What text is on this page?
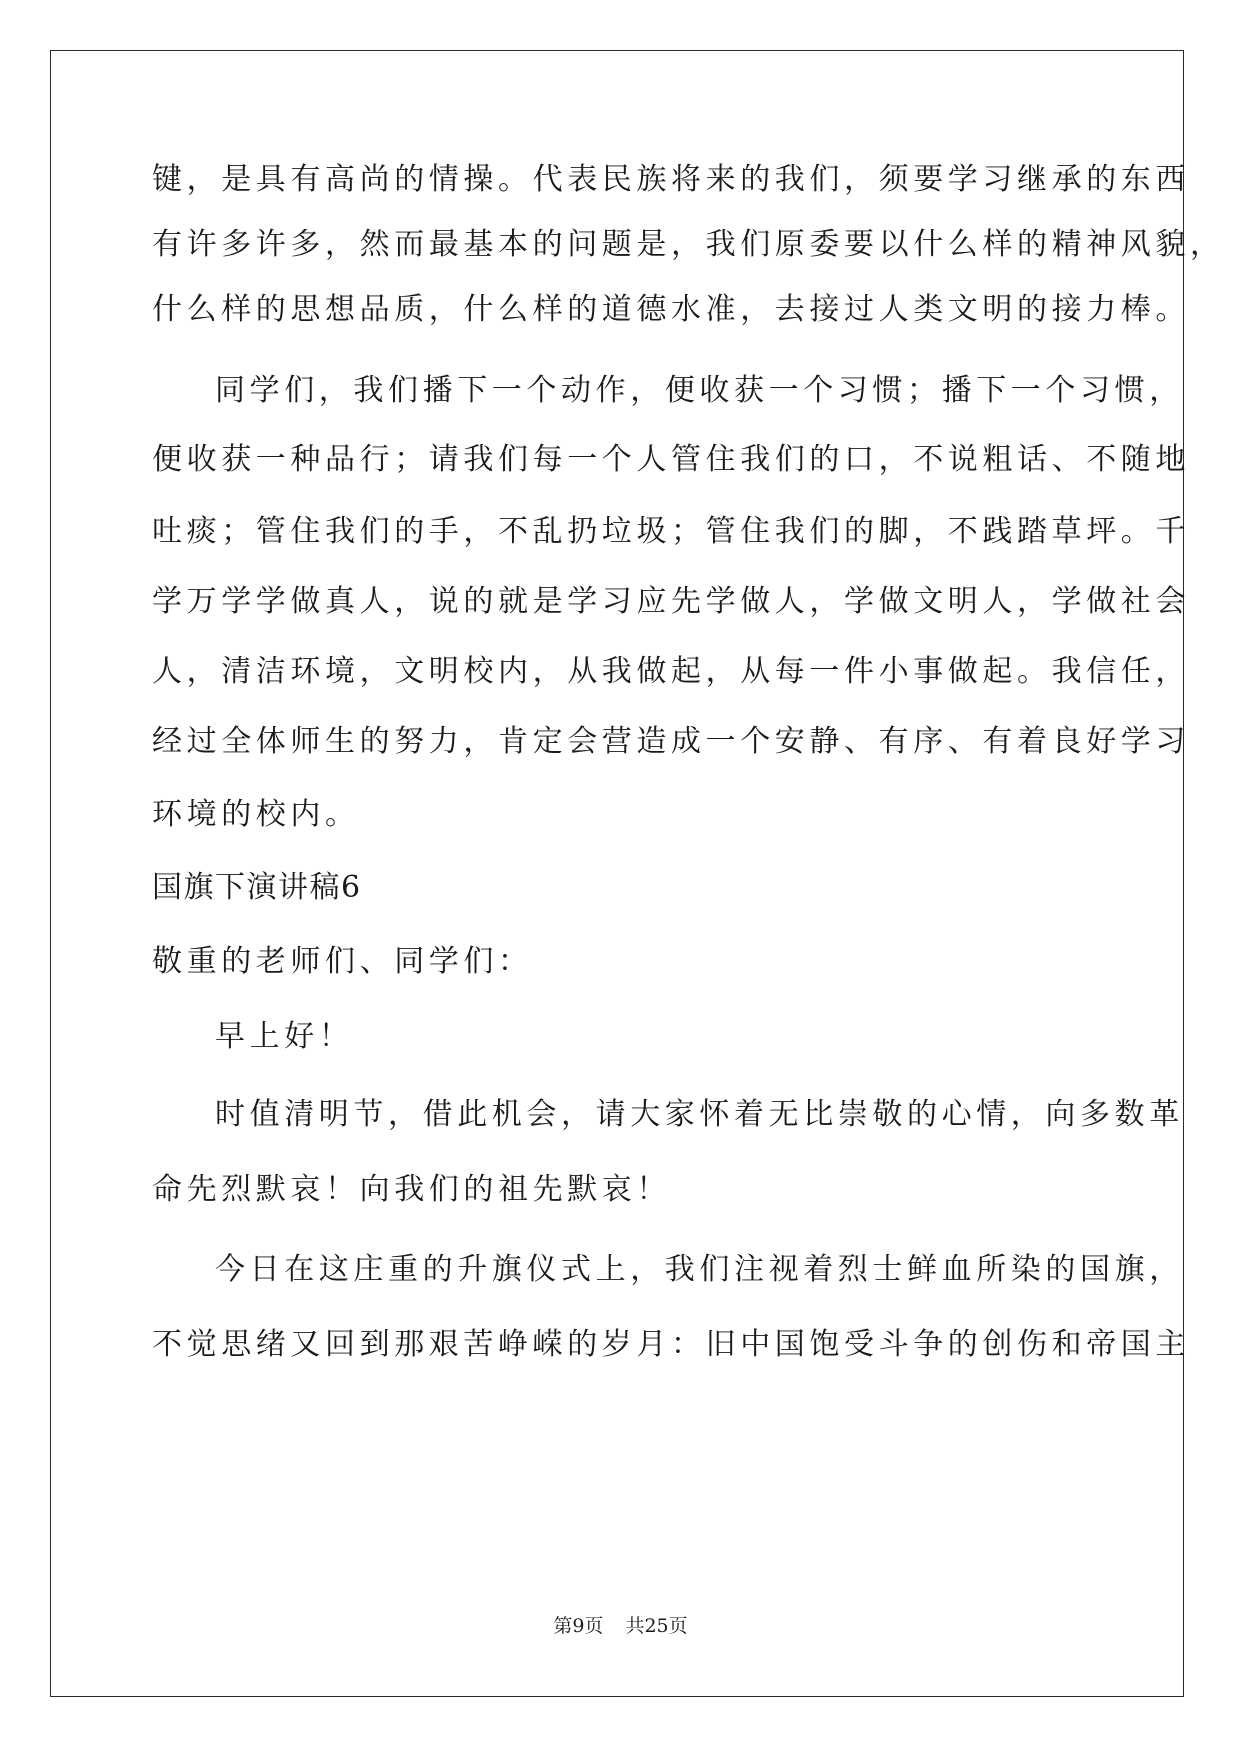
键，是具有高尚的情操。代表民族将来的我们，须要学习继承的东西
有许多许多，然而最基本的问题是，我们原委要以什么样的精神风貌，
什么样的思想品质，什么样的道德水准，去接过人类文明的接力棒。
同学们，我们播下一个动作，便收获一个习惯；播下一个习惯，
便收获一种品行；请我们每一个人管住我们的口，不说粗话、不随地
吐痰；管住我们的手，不乱扔垃圾；管住我们的脚，不践踏草坪。千
学万学学做真人，说的就是学习应先学做人，学做文明人，学做社会
人，清洁环境，文明校内，从我做起，从每一件小事做起。我信任，
经过全体师生的努力，肯定会营造成一个安静、有序、有着良好学习
环境的校内。
国旗下演讲稿6
敬重的老师们、同学们：
早上好！
时值清明节，借此机会，请大家怀着无比崇敬的心情，向多数革
命先烈默哀！向我们的祖先默哀！
今日在这庄重的升旗仪式上，我们注视着烈士鲜血所染的国旗，
不觉思绪又回到那艰苦峥嵘的岁月：旧中国饱受斗争的创伤和帝国主
第9页 共25页
